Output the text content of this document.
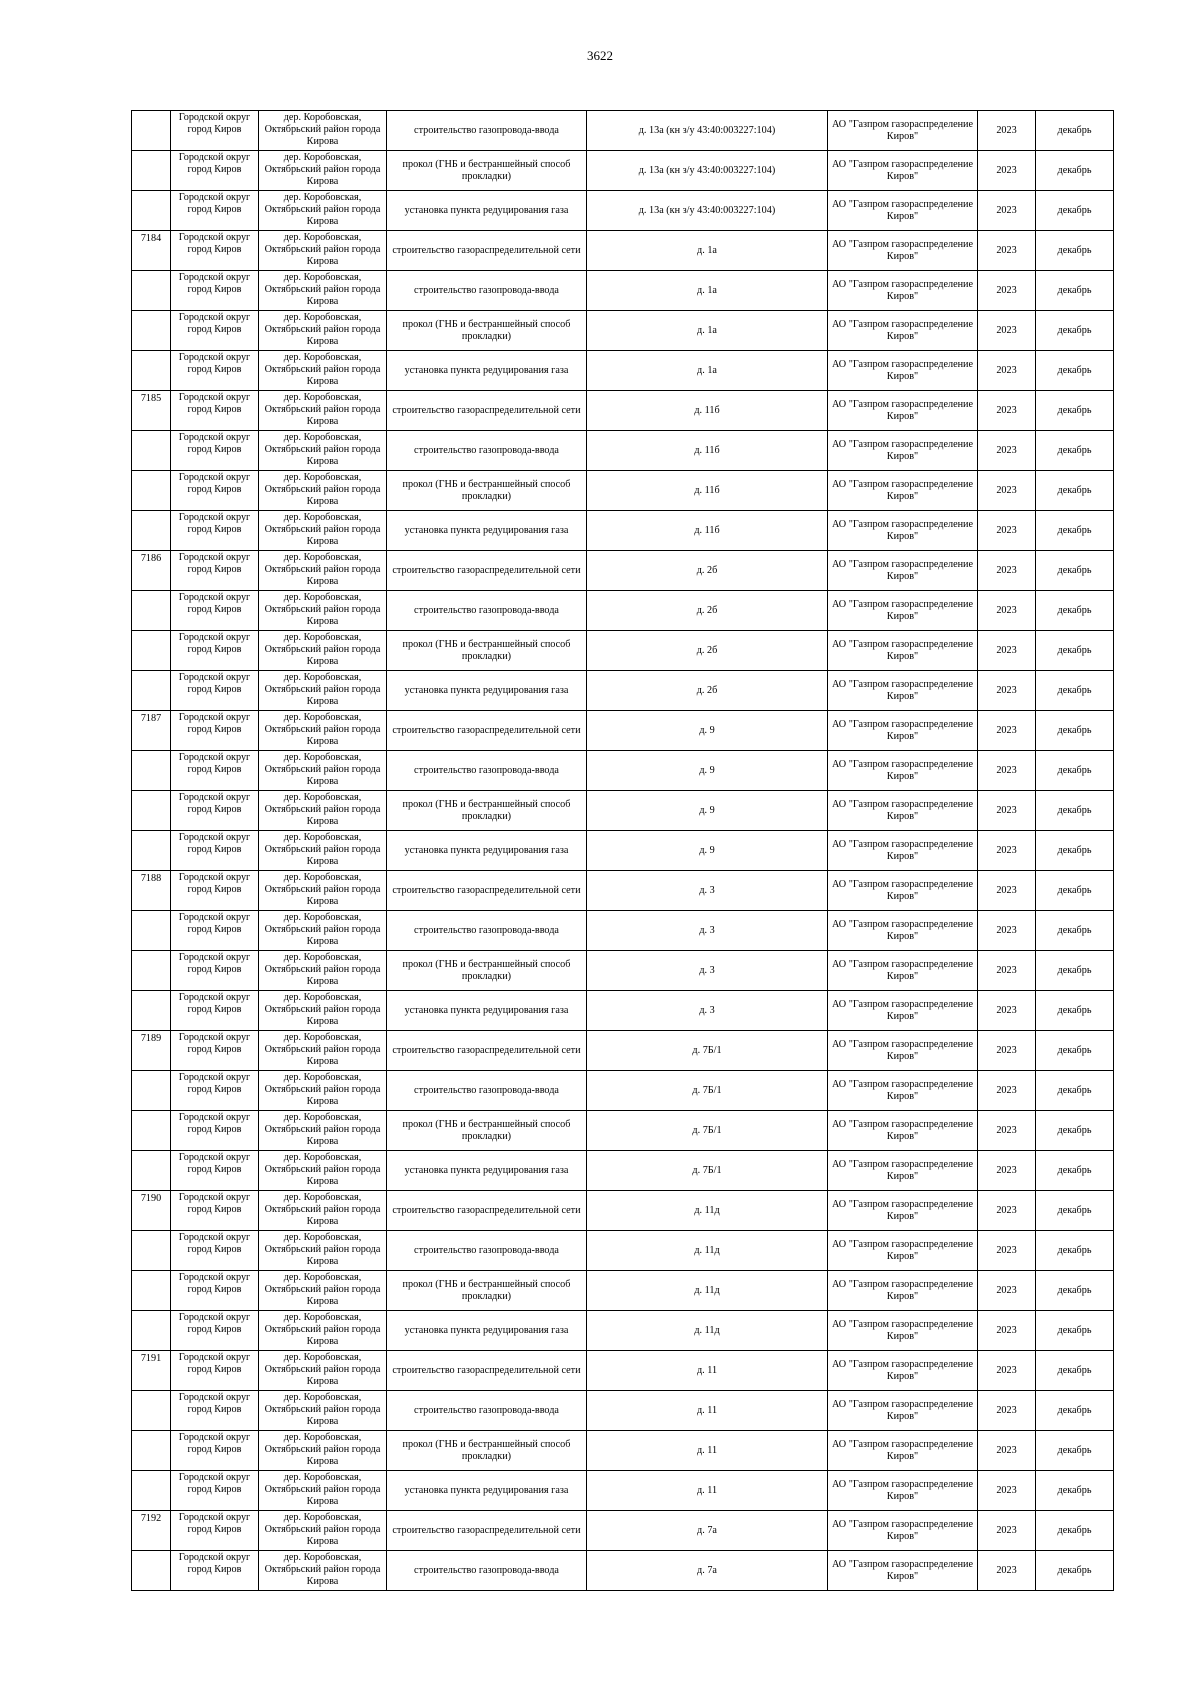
3622
	Городской округ город Киров	дер. Коробовская, Октябрьский район города Кирова	строительство газопровода-ввода	д. 13а (кн з/у 43:40:003227:104)	АО "Газпром газораспределение Киров"	2023	декабрь
	Городской округ город Киров	дер. Коробовская, Октябрьский район города Кирова	прокол (ГНБ и бестраншейный способ прокладки)	д. 13а (кн з/у 43:40:003227:104)	АО "Газпром газораспределение Киров"	2023	декабрь
	Городской округ город Киров	дер. Коробовская, Октябрьский район города Кирова	установка пункта редуцирования газа	д. 13а (кн з/у 43:40:003227:104)	АО "Газпром газораспределение Киров"	2023	декабрь
7184	Городской округ город Киров	дер. Коробовская, Октябрьский район города Кирова	строительство газораспределительной сети	д. 1а	АО "Газпром газораспределение Киров"	2023	декабрь
	Городской округ город Киров	дер. Коробовская, Октябрьский район города Кирова	строительство газопровода-ввода	д. 1а	АО "Газпром газораспределение Киров"	2023	декабрь
	Городской округ город Киров	дер. Коробовская, Октябрьский район города Кирова	прокол (ГНБ и бестраншейный способ прокладки)	д. 1а	АО "Газпром газораспределение Киров"	2023	декабрь
	Городской округ город Киров	дер. Коробовская, Октябрьский район города Кирова	установка пункта редуцирования газа	д. 1а	АО "Газпром газораспределение Киров"	2023	декабрь
7185	Городской округ город Киров	дер. Коробовская, Октябрьский район города Кирова	строительство газораспределительной сети	д. 11б	АО "Газпром газораспределение Киров"	2023	декабрь
	Городской округ город Киров	дер. Коробовская, Октябрьский район города Кирова	строительство газопровода-ввода	д. 11б	АО "Газпром газораспределение Киров"	2023	декабрь
	Городской округ город Киров	дер. Коробовская, Октябрьский район города Кирова	прокол (ГНБ и бестраншейный способ прокладки)	д. 11б	АО "Газпром газораспределение Киров"	2023	декабрь
	Городской округ город Киров	дер. Коробовская, Октябрьский район города Кирова	установка пункта редуцирования газа	д. 11б	АО "Газпром газораспределение Киров"	2023	декабрь
7186	Городской округ город Киров	дер. Коробовская, Октябрьский район города Кирова	строительство газораспределительной сети	д. 2б	АО "Газпром газораспределение Киров"	2023	декабрь
	Городской округ город Киров	дер. Коробовская, Октябрьский район города Кирова	строительство газопровода-ввода	д. 2б	АО "Газпром газораспределение Киров"	2023	декабрь
	Городской округ город Киров	дер. Коробовская, Октябрьский район города Кирова	прокол (ГНБ и бестраншейный способ прокладки)	д. 2б	АО "Газпром газораспределение Киров"	2023	декабрь
	Городской округ город Киров	дер. Коробовская, Октябрьский район города Кирова	установка пункта редуцирования газа	д. 2б	АО "Газпром газораспределение Киров"	2023	декабрь
7187	Городской округ город Киров	дер. Коробовская, Октябрьский район города Кирова	строительство газораспределительной сети	д. 9	АО "Газпром газораспределение Киров"	2023	декабрь
	Городской округ город Киров	дер. Коробовская, Октябрьский район города Кирова	строительство газопровода-ввода	д. 9	АО "Газпром газораспределение Киров"	2023	декабрь
	Городской округ город Киров	дер. Коробовская, Октябрьский район города Кирова	прокол (ГНБ и бестраншейный способ прокладки)	д. 9	АО "Газпром газораспределение Киров"	2023	декабрь
	Городской округ город Киров	дер. Коробовская, Октябрьский район города Кирова	установка пункта редуцирования газа	д. 9	АО "Газпром газораспределение Киров"	2023	декабрь
7188	Городской округ город Киров	дер. Коробовская, Октябрьский район города Кирова	строительство газораспределительной сети	д. 3	АО "Газпром газораспределение Киров"	2023	декабрь
	Городской округ город Киров	дер. Коробовская, Октябрьский район города Кирова	строительство газопровода-ввода	д. 3	АО "Газпром газораспределение Киров"	2023	декабрь
	Городской округ город Киров	дер. Коробовская, Октябрьский район города Кирова	прокол (ГНБ и бестраншейный способ прокладки)	д. 3	АО "Газпром газораспределение Киров"	2023	декабрь
	Городской округ город Киров	дер. Коробовская, Октябрьский район города Кирова	установка пункта редуцирования газа	д. 3	АО "Газпром газораспределение Киров"	2023	декабрь
7189	Городской округ город Киров	дер. Коробовская, Октябрьский район города Кирова	строительство газораспределительной сети	д. 7Б/1	АО "Газпром газораспределение Киров"	2023	декабрь
	Городской округ город Киров	дер. Коробовская, Октябрьский район города Кирова	строительство газопровода-ввода	д. 7Б/1	АО "Газпром газораспределение Киров"	2023	декабрь
	Городской округ город Киров	дер. Коробовская, Октябрьский район города Кирова	прокол (ГНБ и бестраншейный способ прокладки)	д. 7Б/1	АО "Газпром газораспределение Киров"	2023	декабрь
	Городской округ город Киров	дер. Коробовская, Октябрьский район города Кирова	установка пункта редуцирования газа	д. 7Б/1	АО "Газпром газораспределение Киров"	2023	декабрь
7190	Городской округ город Киров	дер. Коробовская, Октябрьский район города Кирова	строительство газораспределительной сети	д. 11д	АО "Газпром газораспределение Киров"	2023	декабрь
	Городской округ город Киров	дер. Коробовская, Октябрьский район города Кирова	строительство газопровода-ввода	д. 11д	АО "Газпром газораспределение Киров"	2023	декабрь
	Городской округ город Киров	дер. Коробовская, Октябрьский район города Кирова	прокол (ГНБ и бестраншейный способ прокладки)	д. 11д	АО "Газпром газораспределение Киров"	2023	декабрь
	Городской округ город Киров	дер. Коробовская, Октябрьский район города Кирова	установка пункта редуцирования газа	д. 11д	АО "Газпром газораспределение Киров"	2023	декабрь
7191	Городской округ город Киров	дер. Коробовская, Октябрьский район города Кирова	строительство газораспределительной сети	д. 11	АО "Газпром газораспределение Киров"	2023	декабрь
	Городской округ город Киров	дер. Коробовская, Октябрьский район города Кирова	строительство газопровода-ввода	д. 11	АО "Газпром газораспределение Киров"	2023	декабрь
	Городской округ город Киров	дер. Коробовская, Октябрьский район города Кирова	прокол (ГНБ и бестраншейный способ прокладки)	д. 11	АО "Газпром газораспределение Киров"	2023	декабрь
	Городской округ город Киров	дер. Коробовская, Октябрьский район города Кирова	установка пункта редуцирования газа	д. 11	АО "Газпром газораспределение Киров"	2023	декабрь
7192	Городской округ город Киров	дер. Коробовская, Октябрьский район города Кирова	строительство газораспределительной сети	д. 7а	АО "Газпром газораспределение Киров"	2023	декабрь
	Городской округ город Киров	дер. Коробовская, Октябрьский район города Кирова	строительство газопровода-ввода	д. 7а	АО "Газпром газораспределение Киров"	2023	декабрь
